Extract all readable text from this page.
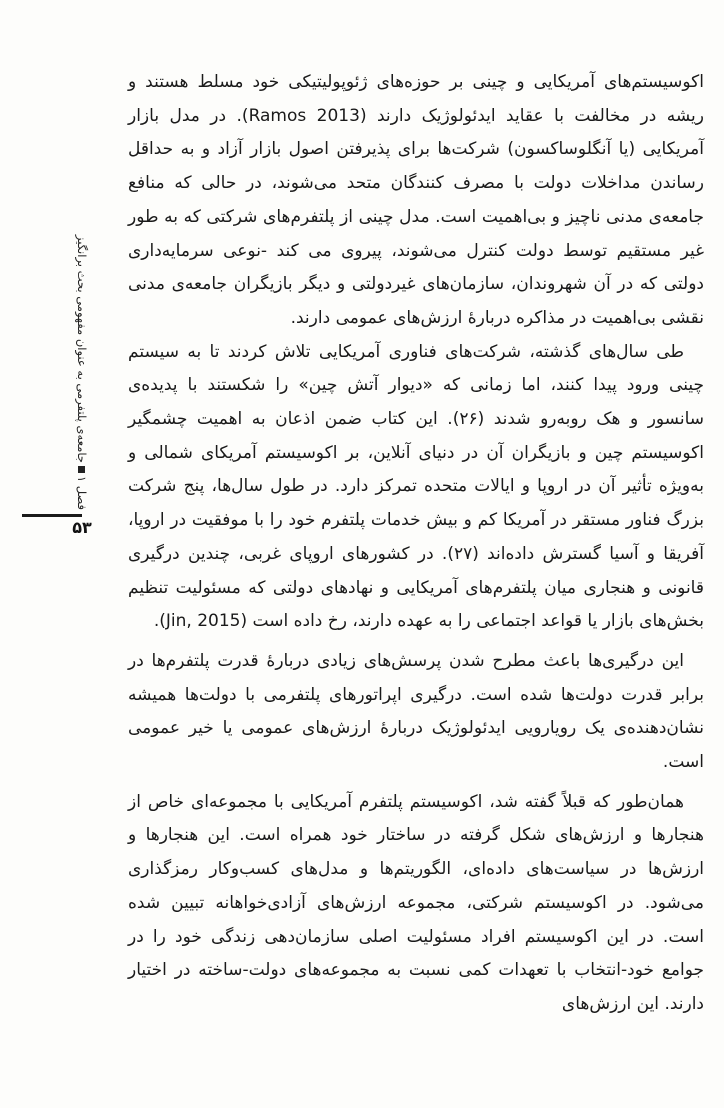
فصل ۱جامعه‌ی پلتفرمی به عنوان مفهومی بحث برانگیز
۵۳

اکوسیستم‌های آمریکایی و چینی بر حوزه‌های ژئوپولیتیکی خود مسلط هستند و ریشه در مخالفت با عقاید ایدئولوژیک دارند (Ramos 2013). در مدل بازار آمریکایی (یا آنگلوساکسون) شرکت‌ها برای پذیرفتن اصول بازار آزاد و به حداقل رساندن مداخلات دولت با مصرف کنندگان متحد می‌شوند، در حالی که منافع جامعه‌ی مدنی ناچیز و بی‌اهمیت است. مدل چینی از پلتفرم‌های شرکتی که به طور غیر مستقیم توسط دولت کنترل می‌شوند، پیروی می کند -نوعی سرمایه‌داری دولتی که در آن شهروندان، سازمان‌های غیردولتی و دیگر بازیگران جامعه‌ی مدنی نقشی بی‌اهمیت در مذاکره دربارهٔ ارزش‌های عمومی دارند.

طی سال‌های گذشته، شرکت‌های فناوری آمریکایی تلاش کردند تا به سیستم چینی ورود پیدا کنند، اما زمانی که «دیوار آتش چین» را شکستند با پدیده‌ی سانسور و هک روبه‌رو شدند (۲۶). این کتاب ضمن اذعان به اهمیت چشمگیر اکوسیستم چین و بازیگران آن در دنیای آنلاین، بر اکوسیستم آمریکای شمالی و به‌ویژه تأثیر آن در اروپا و ایالات متحده تمرکز دارد. در طول سال‌ها، پنج شرکت بزرگ فناور مستقر در آمریکا کم و بیش خدمات پلتفرم خود را با موفقیت در اروپا، آفریقا و آسیا گسترش داده‌اند (۲۷). در کشورهای اروپای غربی، چندین درگیری قانونی و هنجاری میان پلتفرم‌های آمریکایی و نهادهای دولتی که مسئولیت تنظیم بخش‌های بازار یا قواعد اجتماعی را به عهده دارند، رخ داده است (Jin, 2015).

این درگیری‌ها باعث مطرح شدن پرسش‌های زیادی دربارهٔ قدرت پلتفرم‌ها در برابر قدرت دولت‌ها شده است. درگیری اپراتورهای پلتفرمی با دولت‌ها همیشه نشان‌دهنده‌ی یک رویارویی ایدئولوژیک دربارهٔ ارزش‌های عمومی یا خیر عمومی است.

همان‌طور که قبلاً گفته شد، اکوسیستم پلتفرم آمریکایی با مجموعه‌ای خاص از هنجارها و ارزش‌های شکل گرفته در ساختار خود همراه است. این هنجارها و ارزش‌ها در سیاست‌های داده‌ای، الگوریتم‌ها و مدل‌های کسب‌وکار رمزگذاری می‌شود. در اکوسیستم شرکتی، مجموعه ارزش‌های آزادی‌خواهانه تبیین شده است. در این اکوسیستم افراد مسئولیت اصلی سازمان‌دهی زندگی خود را در جوامع خود-انتخاب با تعهدات کمی نسبت به مجموعه‌های دولت-ساخته در اختیار دارند. این ارزش‌های
